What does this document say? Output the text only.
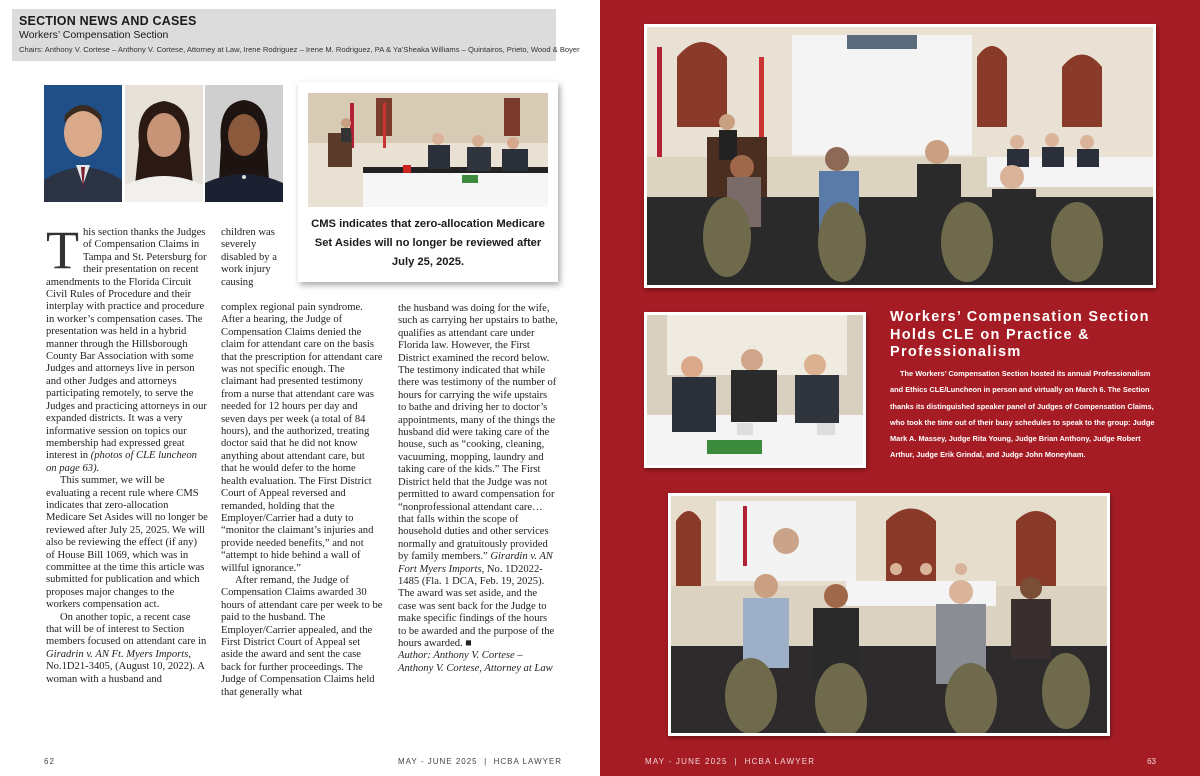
SECTION NEWS AND CASES
Workers’ Compensation Section
Chairs: Anthony V. Cortese – Anthony V. Cortese, Attorney at Law, Irene Rodriguez – Irene M. Rodriguez, PA & Ya’Sheaka Williams – Quintairos, Prieto, Wood & Boyer
CMS indicates that zero-allocation Medicare Set Asides will no longer be reviewed after July 25, 2025.

This section thanks the Judges of Compensation Claims in Tampa and St. Petersburg for their presentation on recent amendments to the Florida Circuit Civil Rules of Procedure and their interplay with practice and procedure in worker’s compensation cases. The presentation was held in a hybrid manner through the Hillsborough County Bar Association with some Judges and attorneys live in person and other Judges and attorneys participating remotely, to serve the Judges and practicing attorneys in our expanded districts. It was a very informative session on topics our membership had expressed great interest in (photos of CLE luncheon on page 63).

This summer, we will be evaluating a recent rule where CMS indicates that zero-allocation Medicare Set Asides will no longer be reviewed after July 25, 2025. We will also be reviewing the effect (if any) of House Bill 1069, which was in committee at the time this article was submitted for publication and which proposes major changes to the workers compensation act.

On another topic, a recent case that will be of interest to Section members focused on attendant care in Giradrin v. AN Ft. Myers Imports, No.1D21-3405, (August 10, 2022). A woman with a husband and

children was severely disabled by a work injury causing

complex regional pain syndrome. After a hearing, the Judge of Compensation Claims denied the claim for attendant care on the basis that the prescription for attendant care was not specific enough. The claimant had presented testimony from a nurse that attendant care was needed for 12 hours per day and seven days per week (a total of 84 hours), and the authorized, treating doctor said that he did not know anything about attendant care, but that he would defer to the home health evaluation. The First District Court of Appeal reversed and remanded, holding that the Employer/Carrier had a duty to “monitor the claimant’s injuries and provide needed benefits,” and not “attempt to hide behind a wall of willful ignorance.”

After remand, the Judge of Compensation Claims awarded 30 hours of attendant care per week to be paid to the husband. The Employer/Carrier appealed, and the First District Court of Appeal set aside the award and sent the case back for further proceedings. The Judge of Compensation Claims held that generally what

the husband was doing for the wife, such as carrying her upstairs to bathe, qualifies as attendant care under Florida law. However, the First District examined the record below. The testimony indicated that while there was testimony of the number of hours for carrying the wife upstairs to bathe and driving her to doctor’s appointments, many of the things the husband did were taking care of the house, such as “cooking, cleaning, vacuuming, mopping, laundry and taking care of the kids.” The First District held that the Judge was not permitted to award compensation for “nonprofessional attendant care…that falls within the scope of household duties and other services normally and gratuitously provided by family members.” Girardin v. AN Fort Myers Imports, No. 1D2022-1485 (Fla. 1 DCA, Feb. 19, 2025). The award was set aside, and the case was sent back for the Judge to make specific findings of the hours to be awarded and the purpose of the hours awarded. ■

Author: Anthony V. Cortese – Anthony V. Cortese, Attorney at Law

62	MAY - JUNE 2025  |  HCBA LAWYER
Workers’ Compensation Section Holds CLE on Practice & Professionalism
The Workers’ Compensation Section hosted its annual Professionalism and Ethics CLE/Luncheon in person and virtually on March 6. The Section thanks its distinguished speaker panel of Judges of Compensation Claims, who took the time out of their busy schedules to speak to the group: Judge Mark A. Massey, Judge Rita Young, Judge Brian Anthony, Judge Robert Arthur, Judge Erik Grindal, and Judge John Moneyham.
MAY - JUNE 2025  |  HCBA LAWYER	63
